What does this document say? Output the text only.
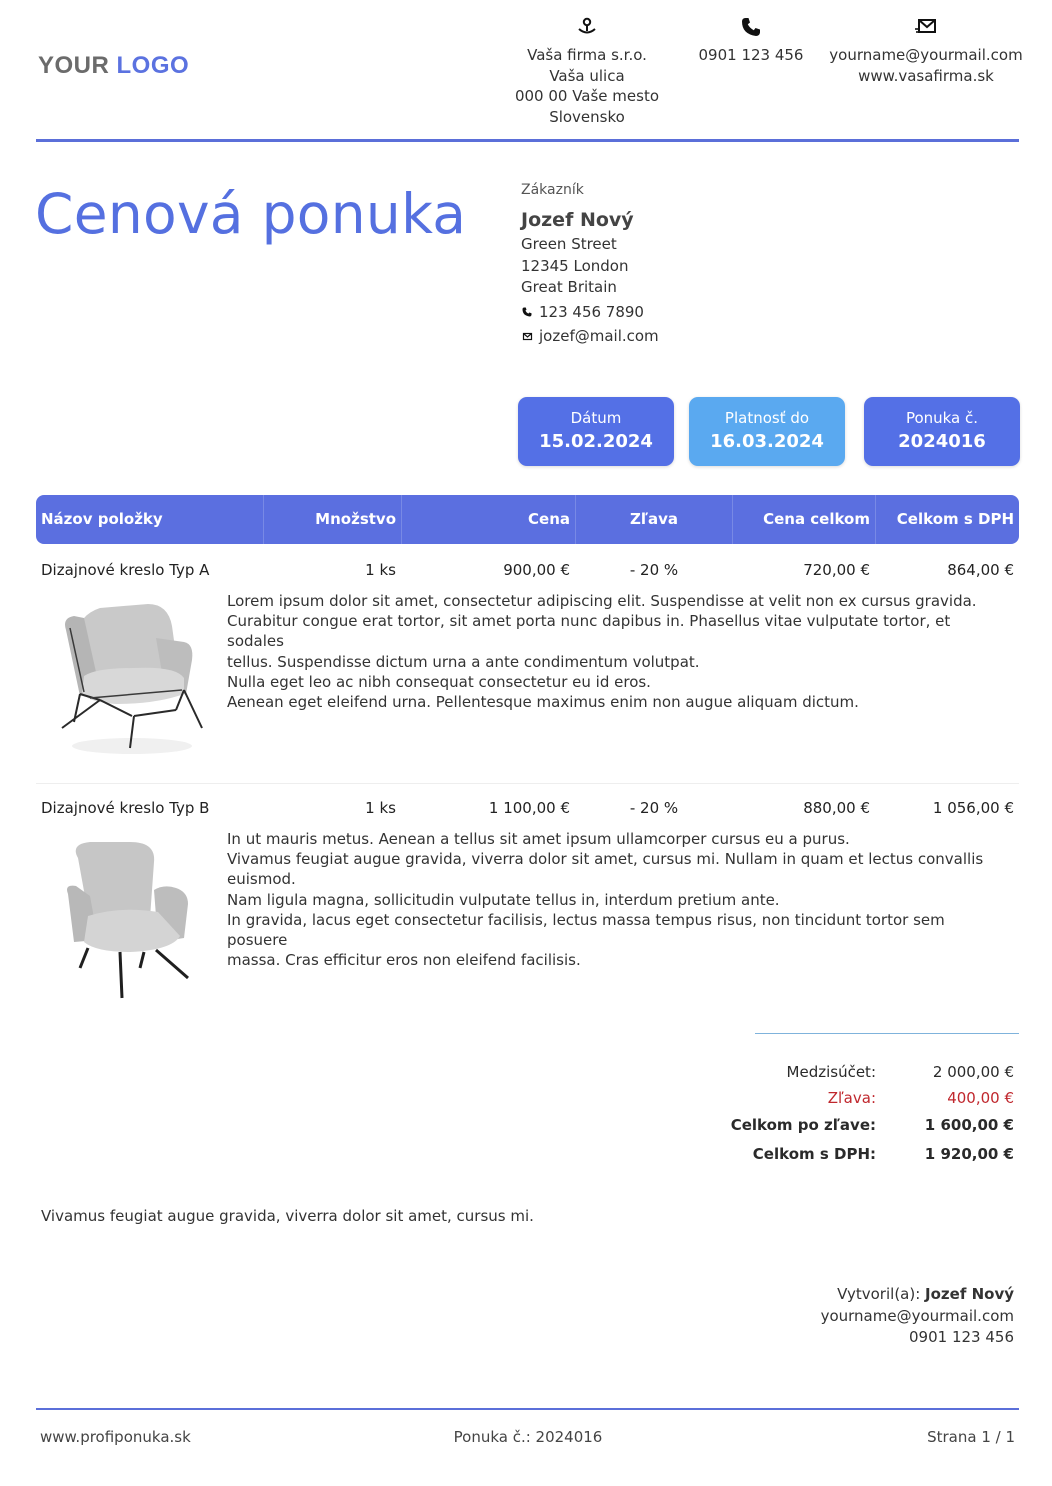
YOUR LOGO	Vaša firma s.r.o.
Vaša ulica
000 00 Vaše mesto
Slovensko
0901 123 456	yourname@yourmail.com
www.vasafirma.sk
Cenová ponuka	Zákazník
Jozef Nový
Green Street
12345 London
Great Britain
123 456 7890
jozef@mail.com
Dátum
15.02.2024
Platnosť do
16.03.2024
Ponuka č.
2024016
Názov položky	Množstvo	Cena	Zľava	Cena celkom	Celkom s DPH
Dizajnové kreslo Typ A	1 ks	900,00 €	- 20 %	720,00 €	864,00 €
Lorem ipsum dolor sit amet, consectetur adipiscing elit. Suspendisse at velit non ex cursus gravida.
Curabitur congue erat tortor, sit amet porta nunc dapibus in. Phasellus vitae vulputate tortor, et sodales
tellus. Suspendisse dictum urna a ante condimentum volutpat.
Nulla eget leo ac nibh consequat consectetur eu id eros.
Aenean eget eleifend urna. Pellentesque maximus enim non augue aliquam dictum.
Dizajnové kreslo Typ B	1 ks	1 100,00 €	- 20 %	880,00 €	1 056,00 €
In ut mauris metus. Aenean a tellus sit amet ipsum ullamcorper cursus eu a purus.
Vivamus feugiat augue gravida, viverra dolor sit amet, cursus mi. Nullam in quam et lectus convallis euismod.
Nam ligula magna, sollicitudin vulputate tellus in, interdum pretium ante.
In gravida, lacus eget consectetur facilisis, lectus massa tempus risus, non tincidunt tortor sem posuere
massa. Cras efficitur eros non eleifend facilisis.
Medzisúčet:	2 000,00 €
Zľava:	400,00 €
Celkom po zľave:	1 600,00 €
Celkom s DPH:	1 920,00 €
Vivamus feugiat augue gravida, viverra dolor sit amet, cursus mi.
Vytvoril(a): Jozef Nový
yourname@yourmail.com
0901 123 456
www.profiponuka.sk	Ponuka č.: 2024016	Strana 1 / 1
